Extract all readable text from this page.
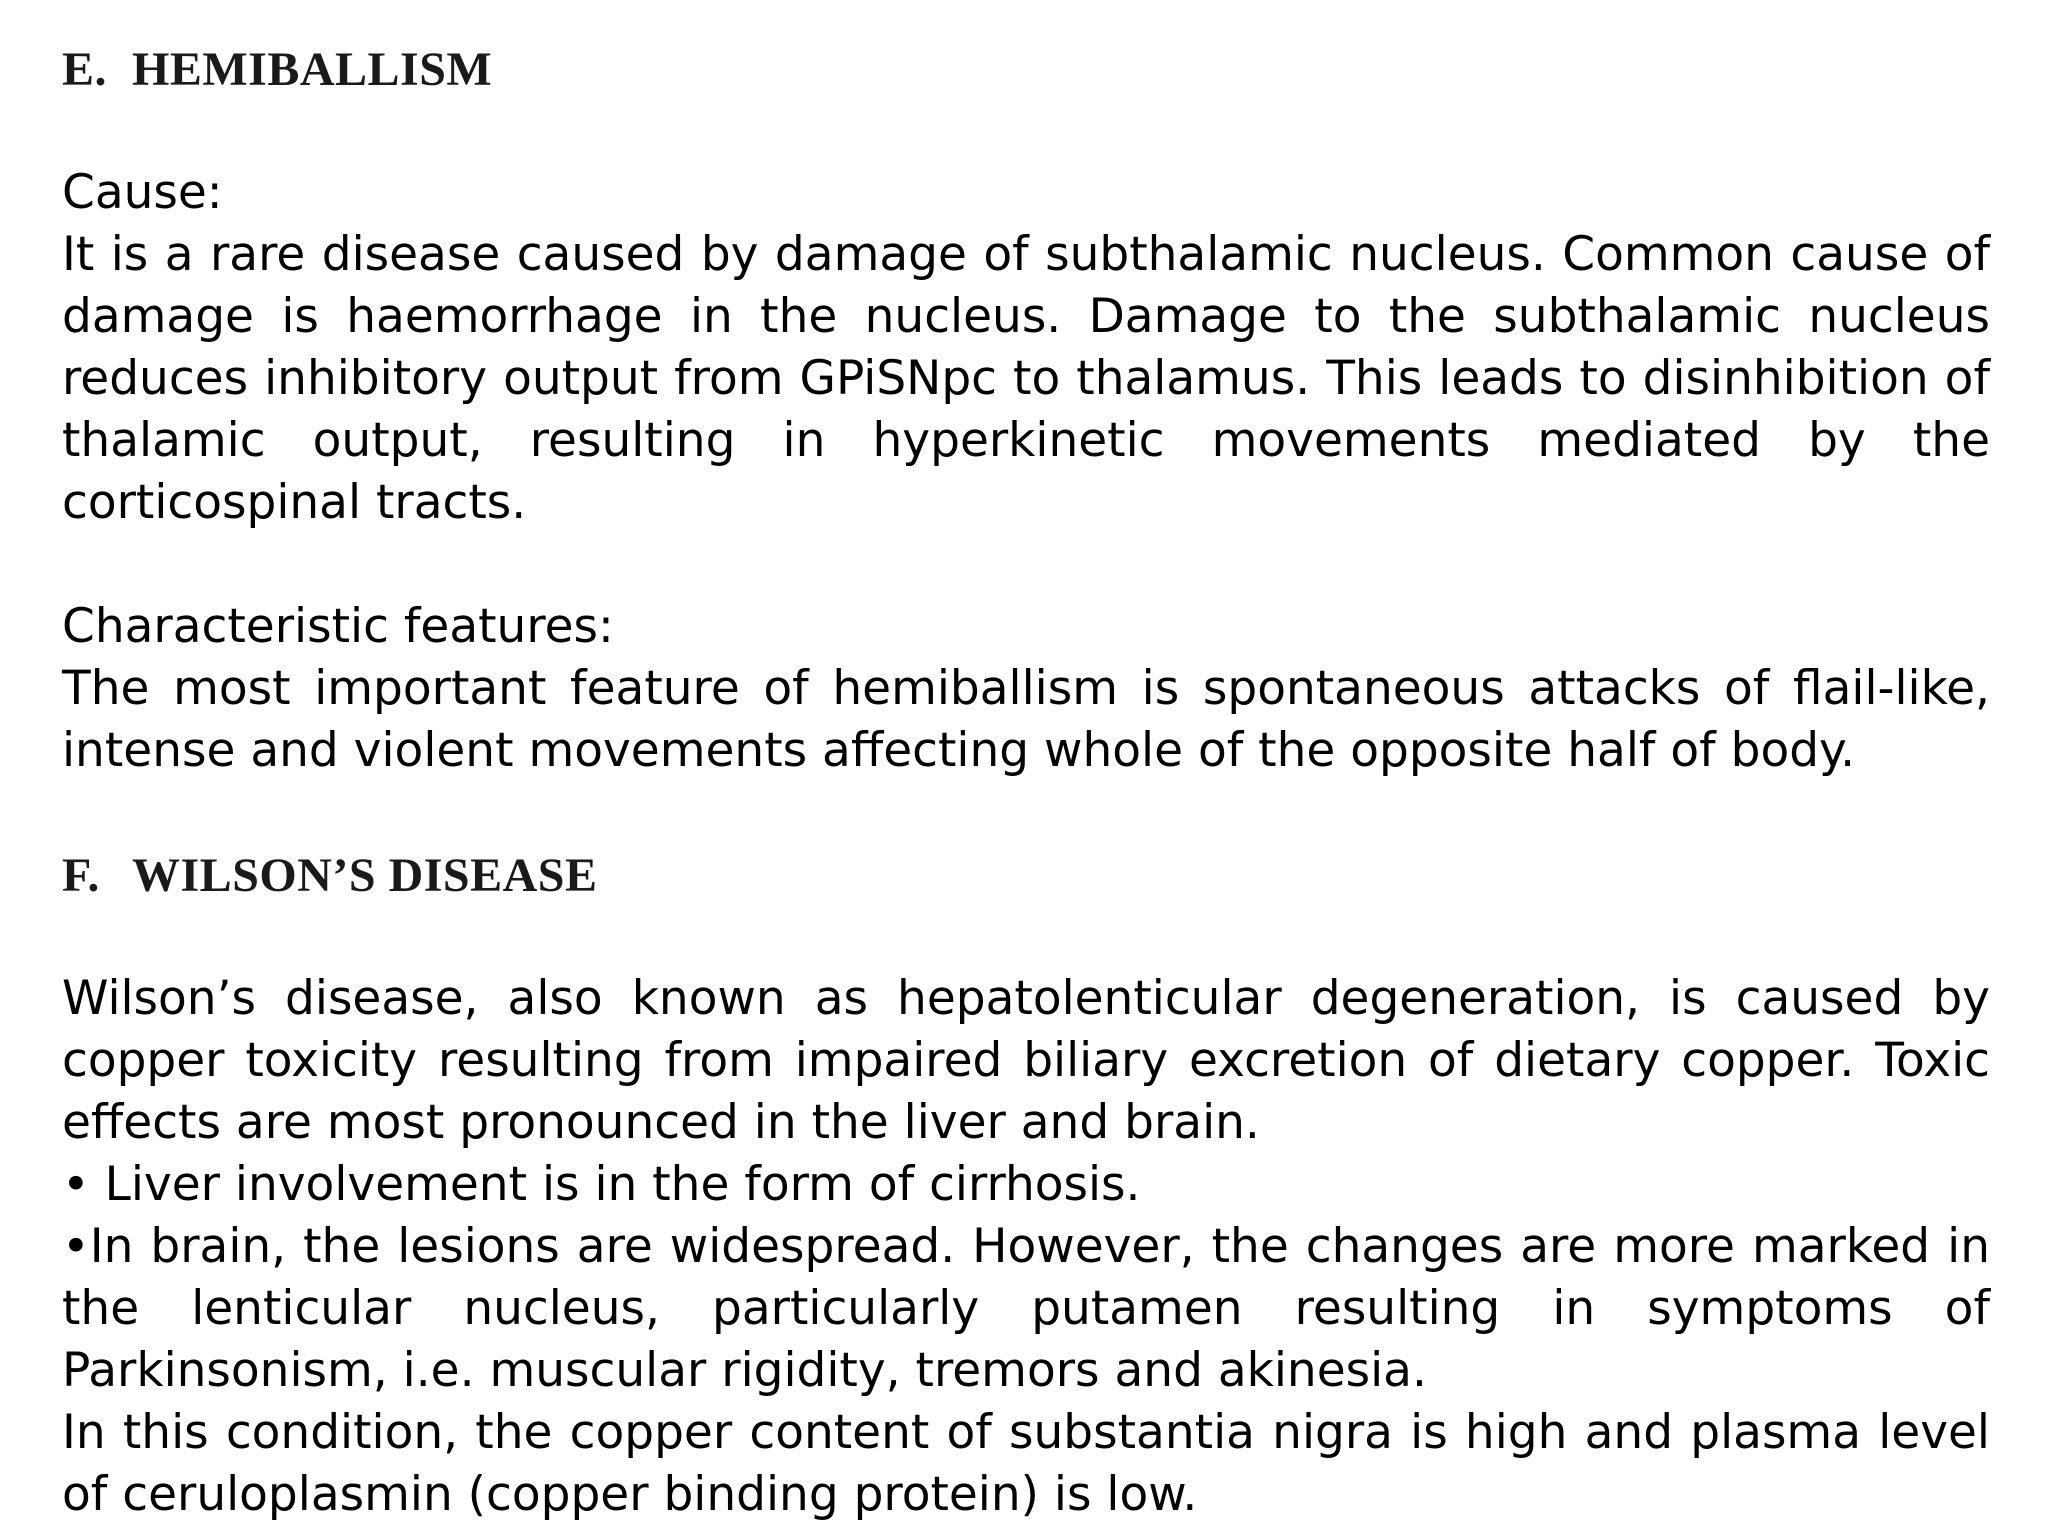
E. HEMIBALLISM

Cause:

It is a rare disease caused by damage of subthalamic nucleus. Common cause of damage is haemorrhage in the nucleus. Damage to the subthalamic nucleus reduces inhibitory output from GPiSNpc to thalamus. This leads to disinhibition of thalamic output, resulting in hyperkinetic movements mediated by the corticospinal tracts.

Characteristic features:

The most important feature of hemiballism is spontaneous attacks of flail-like, intense and violent movements affecting whole of the opposite half of body.

F. WILSON’S DISEASE

Wilson’s disease, also known as hepatolenticular degeneration, is caused by copper toxicity resulting from impaired biliary excretion of dietary copper. Toxic effects are most pronounced in the liver and brain.

• Liver involvement is in the form of cirrhosis.

•In brain, the lesions are widespread. However, the changes are more marked in the lenticular nucleus, particularly putamen resulting in symptoms of Parkinsonism, i.e. muscular rigidity, tremors and akinesia.

In this condition, the copper content of substantia nigra is high and plasma level of ceruloplasmin (copper binding protein) is low.
